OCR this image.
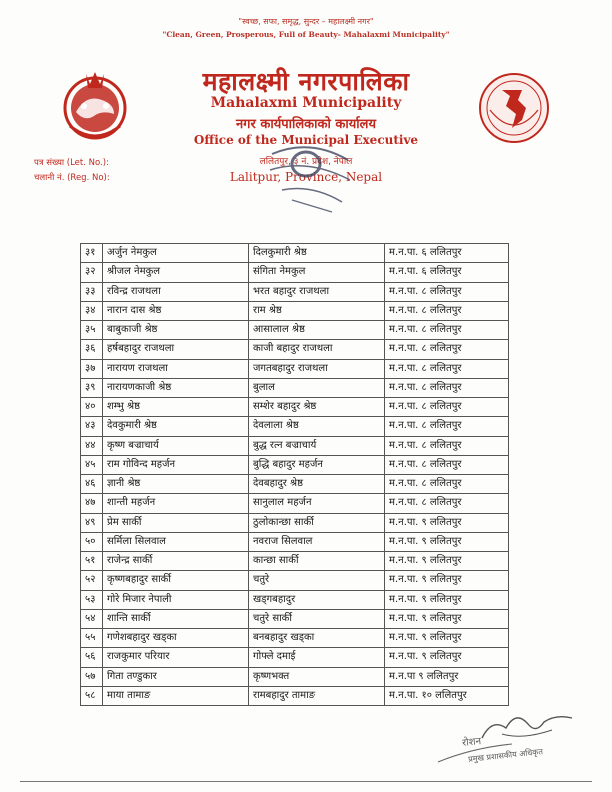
"स्वच्छ, सफा, समृद्ध, सुन्दर – महालक्ष्मी नगर"
"Clean, Green, Prosperous, Full of Beauty- Mahalaxmi Municipality"
महालक्ष्मी नगरपालिका
Mahalaxmi Municipality
नगर कार्यपालिकाको कार्यालय
Office of the Municipal Executive
ललितपुर, ३ नं. प्रदेश, नेपाल
Lalitpur, Province, Nepal
पत्र संख्या (Let. No.):
चलानी नं. (Reg. No):
३१	अर्जुन नेमकुल	दिलकुमारी श्रेष्ठ	म.न.पा. ६ ललितपुर
३२	श्रीजल नेमकुल	संगिता नेमकुल	म.न.पा. ६ ललितपुर
३३	रविन्द्र राजथला	भरत बहादुर राजथला	म.न.पा. ८ ललितपुर
३४	नारान दास श्रेष्ठ	राम श्रेष्ठ	म.न.पा. ८ ललितपुर
३५	बाबुकाजी श्रेष्ठ	आसालाल श्रेष्ठ	म.न.पा. ८ ललितपुर
३६	हर्षबहादुर राजथला	काजी बहादुर राजथला	म.न.पा. ८ ललितपुर
३७	नारायण राजथला	जगतबहादुर राजथला	म.न.पा. ८ ललितपुर
३९	नारायणकाजी श्रेष्ठ	बुलाल	म.न.पा. ८ ललितपुर
४०	शम्भु श्रेष्ठ	सम्शेर बहादुर श्रेष्ठ	म.न.पा. ८ ललितपुर
४३	देवकुमारी श्रेष्ठ	देवलाला श्रेष्ठ	म.न.पा. ८ ललितपुर
४४	कृष्ण बज्राचार्य	बुद्ध रत्न बज्राचार्य	म.न.पा. ८ ललितपुर
४५	राम गोविन्द महर्जन	बुद्धि बहादुर महर्जन	म.न.पा. ८ ललितपुर
४६	ज्ञानी श्रेष्ठ	देवबहादुर श्रेष्ठ	म.न.पा. ८ ललितपुर
४७	शान्ती महर्जन	सानुलाल महर्जन	म.न.पा. ८ ललितपुर
४९	प्रेम सार्की	ठुलोकान्छा सार्की	म.न.पा. ९ ललितपुर
५०	सर्मिला सिलवाल	नवराज सिलवाल	म.न.पा. ९ ललितपुर
५१	राजेन्द्र सार्की	कान्छा सार्की	म.न.पा. ९ ललितपुर
५२	कृष्णबहादुर सार्की	चतुरे	म.न.पा. ९ ललितपुर
५३	गोरे मिजार नेपाली	खड्गबहादुर	म.न.पा. ९ ललितपुर
५४	शान्ति सार्की	चतुरे सार्की	म.न.पा. ९ ललितपुर
५५	गणेशबहादुर खड्का	बनबहादुर खड्का	म.न.पा. ९ ललितपुर
५६	राजकुमार परियार	गोफ्ले दमाई	म.न.पा. ९ ललितपुर
५७	गिता तण्डुकार	कृष्णभक्त	म.न.पा ९ ललितपुर
५८	माया तामाङ	रामबहादुर तामाङ	म.न.पा. १० ललितपुर
रोशन
प्रमुख प्रशासकीय अधिकृत
